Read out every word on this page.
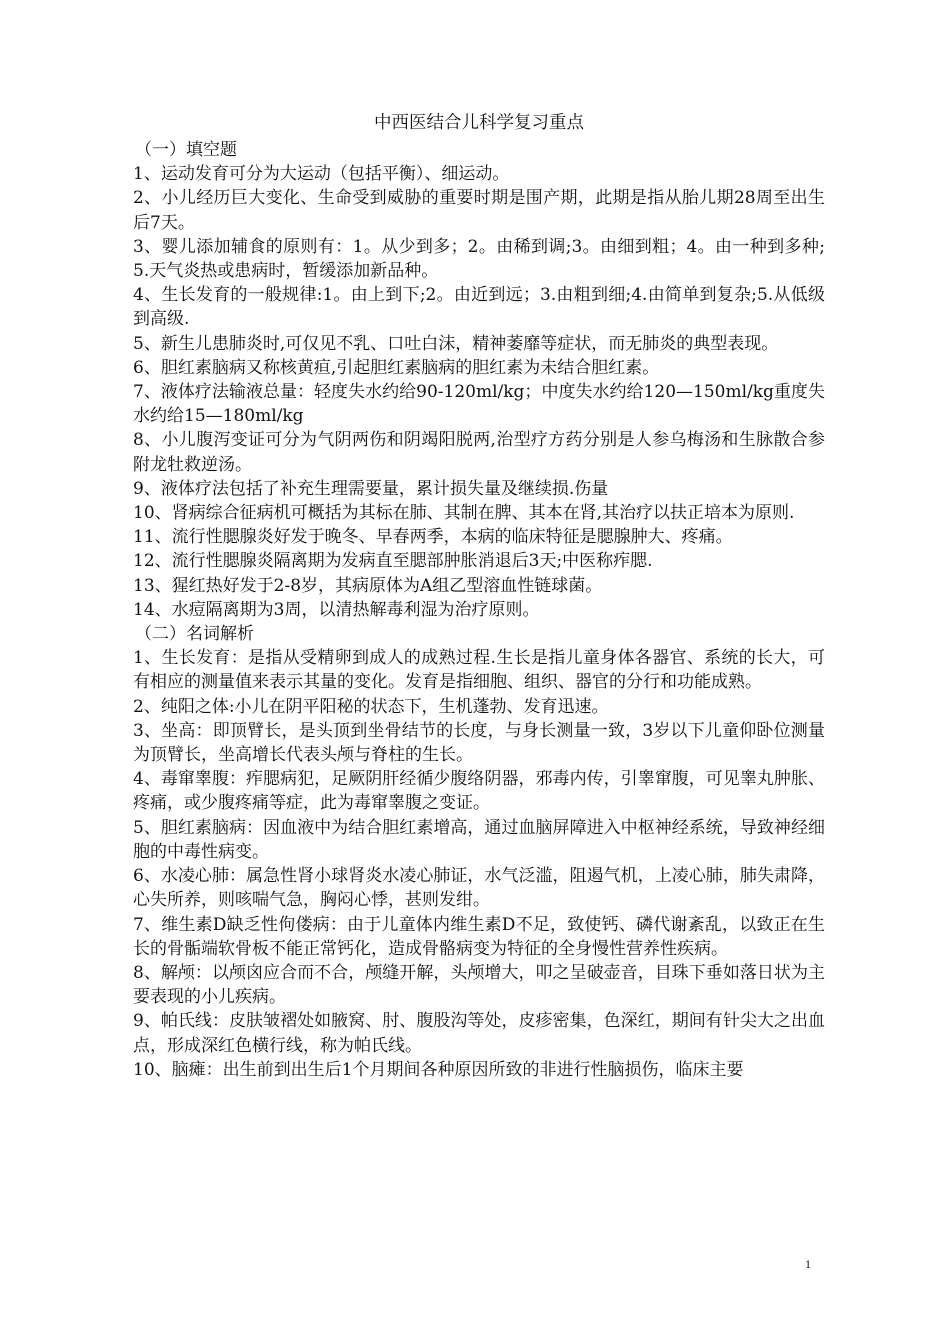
中西医结合儿科学复习重点
（一）填空题

1、运动发育可分为大运动（包括平衡）、细运动。

2、小儿经历巨大变化、生命受到威胁的重要时期是围产期，此期是指从胎儿期28周至出生后7天。

3、婴儿添加辅食的原则有：1。从少到多；2。由稀到调;3。由细到粗；4。由一种到多种;5.天气炎热或患病时，暂缓添加新品种。

4、生长发育的一般规律:1。由上到下;2。由近到远；3.由粗到细;4.由简单到复杂;5.从低级到高级.

5、新生儿患肺炎时,可仅见不乳、口吐白沫，精神萎靡等症状，而无肺炎的典型表现。

6、胆红素脑病又称核黄疸,引起胆红素脑病的胆红素为未结合胆红素。

7、液体疗法输液总量：轻度失水约给90-120ml/kg；中度失水约给120—150ml/kg重度失水约给15—180ml/kg

8、小儿腹泻变证可分为气阴两伤和阴竭阳脱两,治型疗方药分别是人参乌梅汤和生脉散合参附龙牡救逆汤。

9、液体疗法包括了补充生理需要量，累计损失量及继续损.伤量

10、肾病综合征病机可概括为其标在肺、其制在脾、其本在肾,其治疗以扶正培本为原则.

11、流行性腮腺炎好发于晚冬、早春两季，本病的临床特征是腮腺肿大、疼痛。

12、流行性腮腺炎隔离期为发病直至腮部肿胀消退后3天;中医称痄腮.

13、猩红热好发于2-8岁，其病原体为A组乙型溶血性链球菌。

14、水痘隔离期为3周，以清热解毒利湿为治疗原则。

（二）名词解析

1、生长发育：是指从受精卵到成人的成熟过程.生长是指儿童身体各器官、系统的长大，可有相应的测量值来表示其量的变化。发育是指细胞、组织、器官的分行和功能成熟。

2、纯阳之体:小儿在阴平阳秘的状态下，生机蓬勃、发育迅速。

3、坐高：即顶臂长，是头顶到坐骨结节的长度，与身长测量一致，3岁以下儿童仰卧位测量为顶臂长，坐高增长代表头颅与脊柱的生长。

4、毒窜睾腹：痄腮病犯，足厥阴肝经循少腹络阴器，邪毒内传，引睾窜腹，可见睾丸肿胀、疼痛，或少腹疼痛等症，此为毒窜睾腹之变证。

5、胆红素脑病：因血液中为结合胆红素增高，通过血脑屏障进入中枢神经系统，导致神经细胞的中毒性病变。

6、水凌心肺：属急性肾小球肾炎水凌心肺证，水气泛滥，阻遏气机，上凌心肺，肺失肃降，心失所养，则咳喘气急，胸闷心悸，甚则发绀。

7、维生素D缺乏性佝偻病：由于儿童体内维生素D不足，致使钙、磷代谢紊乱，以致正在生长的骨骺端软骨板不能正常钙化，造成骨骼病变为特征的全身慢性营养性疾病。

8、解颅：以颅囟应合而不合，颅缝开解，头颅增大，叩之呈破壶音，目珠下垂如落日状为主要表现的小儿疾病。

9、帕氏线：皮肤皱褶处如腋窝、肘、腹股沟等处，皮疹密集，色深红，期间有针尖大之出血点，形成深红色横行线，称为帕氏线。

10、脑瘫：出生前到出生后1个月期间各种原因所致的非进行性脑损伤，临床主要

1
